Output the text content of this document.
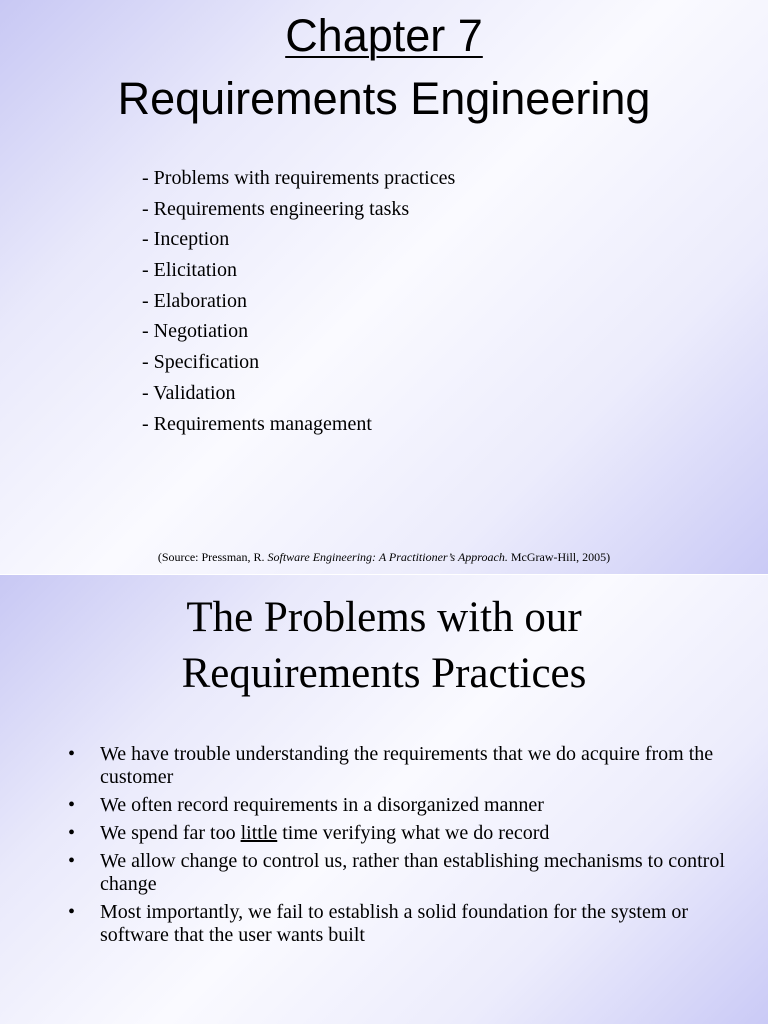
Chapter 7
Requirements Engineering
- Problems with requirements practices
- Requirements engineering tasks
- Inception
- Elicitation
- Elaboration
- Negotiation
- Specification
- Validation
- Requirements management
(Source: Pressman, R. Software Engineering: A Practitioner’s Approach. McGraw-Hill, 2005)
The Problems with our
Requirements Practices
• We have trouble understanding the requirements that we do acquire from the customer
• We often record requirements in a disorganized manner
• We spend far too little time verifying what we do record
• We allow change to control us, rather than establishing mechanisms to control change
• Most importantly, we fail to establish a solid foundation for the system or software that the user wants built
